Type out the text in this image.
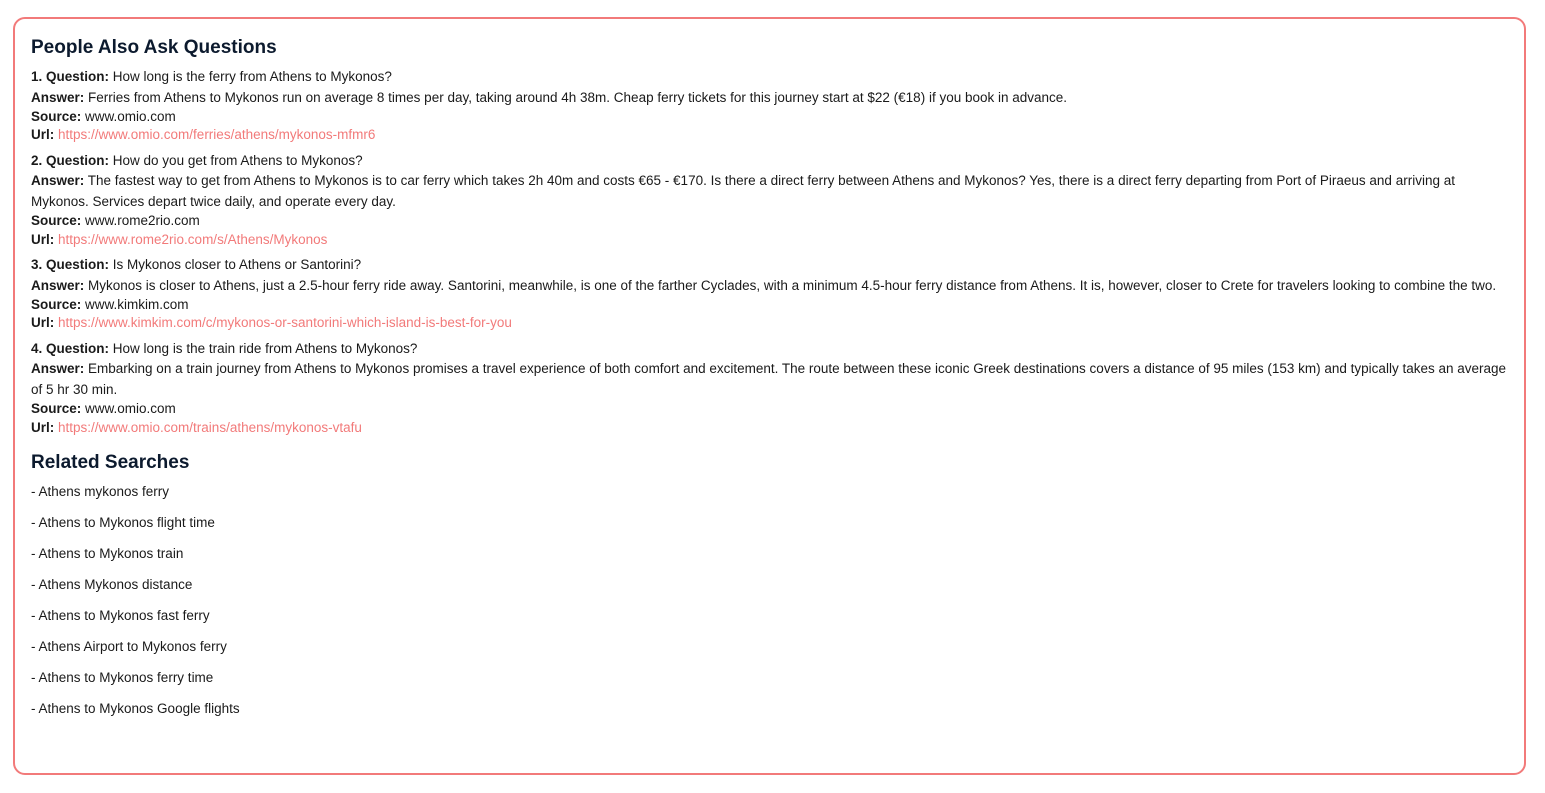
People Also Ask Questions
1. Question: How long is the ferry from Athens to Mykonos?
Answer: Ferries from Athens to Mykonos run on average 8 times per day, taking around 4h 38m. Cheap ferry tickets for this journey start at $22 (€18) if you book in advance.
Source: www.omio.com
Url: https://www.omio.com/ferries/athens/mykonos-mfmr6
2. Question: How do you get from Athens to Mykonos?
Answer: The fastest way to get from Athens to Mykonos is to car ferry which takes 2h 40m and costs €65 - €170. Is there a direct ferry between Athens and Mykonos? Yes, there is a direct ferry departing from Port of Piraeus and arriving at Mykonos. Services depart twice daily, and operate every day.
Source: www.rome2rio.com
Url: https://www.rome2rio.com/s/Athens/Mykonos
3. Question: Is Mykonos closer to Athens or Santorini?
Answer: Mykonos is closer to Athens, just a 2.5-hour ferry ride away. Santorini, meanwhile, is one of the farther Cyclades, with a minimum 4.5-hour ferry distance from Athens. It is, however, closer to Crete for travelers looking to combine the two.
Source: www.kimkim.com
Url: https://www.kimkim.com/c/mykonos-or-santorini-which-island-is-best-for-you
4. Question: How long is the train ride from Athens to Mykonos?
Answer: Embarking on a train journey from Athens to Mykonos promises a travel experience of both comfort and excitement. The route between these iconic Greek destinations covers a distance of 95 miles (153 km) and typically takes an average of 5 hr 30 min.
Source: www.omio.com
Url: https://www.omio.com/trains/athens/mykonos-vtafu
Related Searches
- Athens mykonos ferry
- Athens to Mykonos flight time
- Athens to Mykonos train
- Athens Mykonos distance
- Athens to Mykonos fast ferry
- Athens Airport to Mykonos ferry
- Athens to Mykonos ferry time
- Athens to Mykonos Google flights
